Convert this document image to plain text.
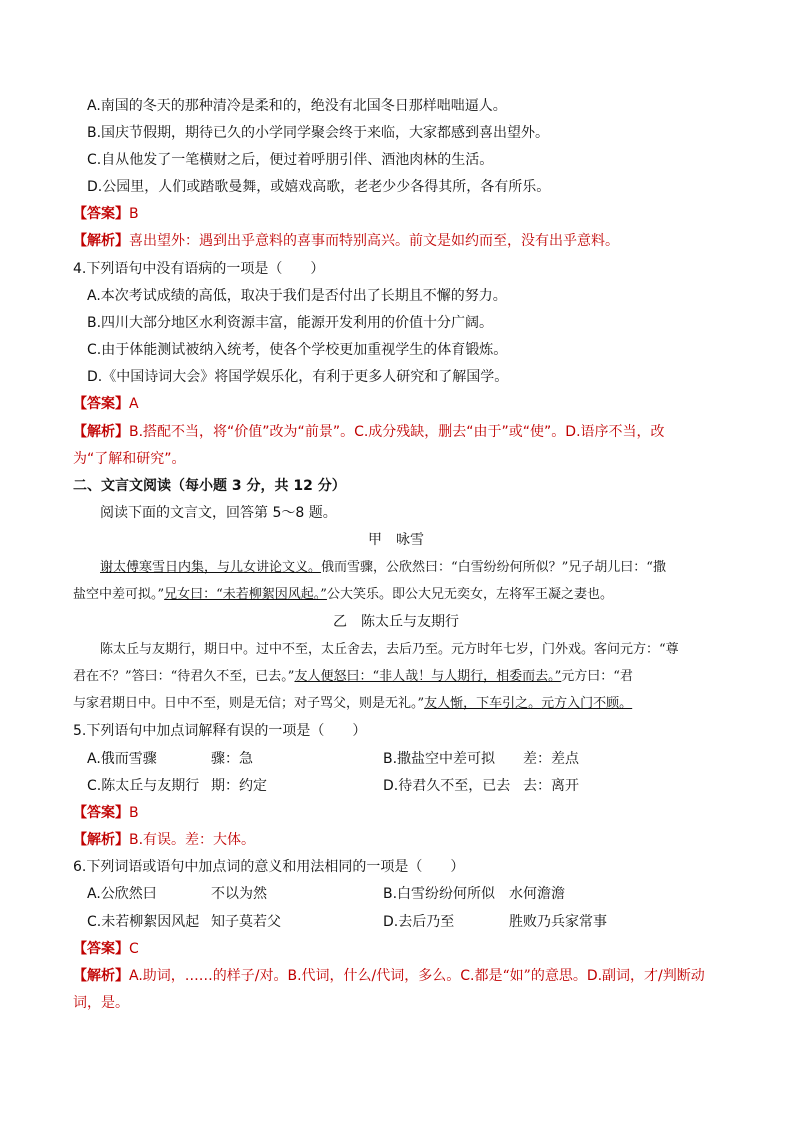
A.南国的冬天的那种清冷是柔和的，绝没有北国冬日那样咄咄逼人。
B.国庆节假期，期待已久的小学同学聚会终于来临，大家都感到喜出望外。
C.自从他发了一笔横财之后，便过着呼朋引伴、酒池肉林的生活。
D.公园里，人们或踏歌曼舞，或嬉戏高歌，老老少少各得其所，各有所乐。
【答案】B
【解析】喜出望外：遇到出乎意料的喜事而特别高兴。前文是如约而至，没有出乎意料。
4.下列语句中没有语病的一项是（　　）
A.本次考试成绩的高低，取决于我们是否付出了长期且不懈的努力。
B.四川大部分地区水利资源丰富，能源开发利用的价值十分广阔。
C.由于体能测试被纳入统考，使各个学校更加重视学生的体育锻炼。
D.《中国诗词大会》将国学娱乐化，有利于更多人研究和了解国学。
【答案】A
【解析】B.搭配不当，将“价值”改为“前景”。C.成分残缺，删去“由于”或“使”。D.语序不当，改
为“了解和研究”。
二、文言文阅读（每小题 3 分，共 12 分）
阅读下面的文言文，回答第 5～8 题。
甲　咏雪
谢太傅寒雪日内集，与儿女讲论文义。俄而雪骤，公欣然曰：“白雪纷纷何所似？”兄子胡儿曰：“撒
盐空中差可拟。”兄女曰：“未若柳絮因风起。”公大笑乐。即公大兄无奕女，左将军王凝之妻也。
乙　陈太丘与友期行
陈太丘与友期行，期日中。过中不至，太丘舍去，去后乃至。元方时年七岁，门外戏。客问元方：“尊
君在不？”答曰：“待君久不至，已去。”友人便怒曰：“非人哉！与人期行，相委而去。”元方曰：“君
与家君期日中。日中不至，则是无信；对子骂父，则是无礼。”友人惭，下车引之。元方入门不顾。
5.下列语句中加点词解释有误的一项是（　　）
A.俄而雪骤	骤：急	B.撒盐空中差可拟 差：差点
C.陈太丘与友期行 期：约定	D.待君久不至，已去 去：离开
【答案】B
【解析】B.有误。差：大体。
6.下列词语或语句中加点词的意义和用法相同的一项是（　　）
A.公欣然曰	不以为然	B.白雪纷纷何所似 水何澹澹
C.未若柳絮因风起 知子莫若父	D.去后乃至	胜败乃兵家常事
【答案】C
【解析】A.助词，……的样子/对。B.代词，什么/代词，多么。C.都是“如”的意思。D.副词，才/判断动
词，是。
